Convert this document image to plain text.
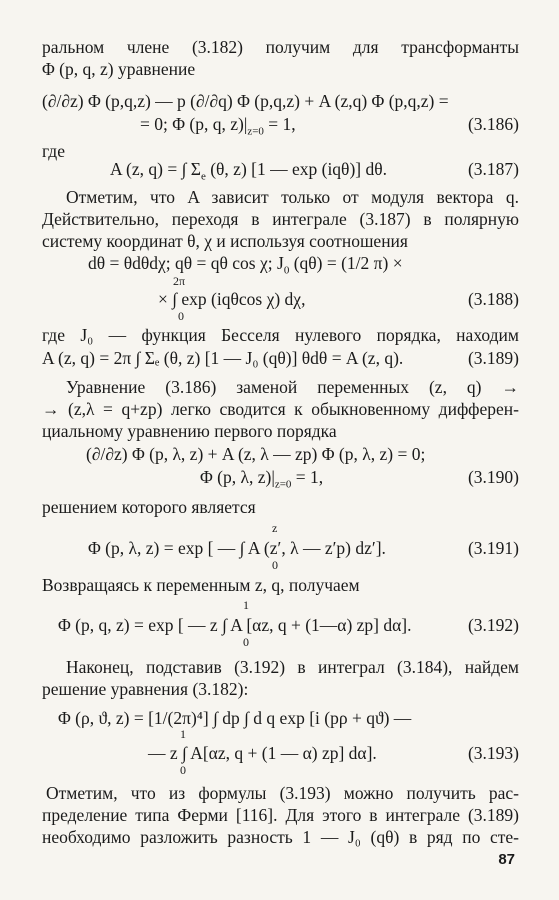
ральном члене (3.182) получим для трансформанты
Φ (p, q, z) уравнение
(∂/∂z) Φ (p,q,z) — p (∂/∂q) Φ (p,q,z) + A (z,q) Φ (p,q,z) =
= 0; Φ (p, q, $z)|_{z=0} = 1$,	(3.186)
где
A (z, q) = ∫ $\Sigma_e$ (θ, z) [1 — exp (iqθ)] dθ.	(3.187)
Отметим, что A зависит только от модуля вектора q.
Действительно, переходя в интеграле (3.187) в полярную
систему координат θ, χ и используя соотношения
dθ = θdθdχ; qθ = qθ cos χ; $J_0$ (qθ) = (1/2 π) ×
2π
× ∫ exp (iqθcos χ) dχ,
0
(3.188)
где J₀ — функция Бесселя нулевого порядка, находим
A (z, q) = 2π ∫ Σₑ (θ, z) [1 — J₀ (qθ)] θdθ = A (z, q).	(3.189)
Уравнение (3.186) заменой переменных (z, q) →
→ (z,λ = q+zp) легко сводится к обыкновенному дифферен-
циальному уравнению первого порядка
(∂/∂z) Φ (p, λ, z) + A (z, λ — zp) Φ (p, λ, z) = 0;
Φ (p, λ, $z)|_{z=0} = 1$,	(3.190)
решением которого является
z
Φ (p, λ, z) = exp [ — ∫ A (z′, λ — z′p) dz′].
0
(3.191)
Возвращаясь к переменным z, q, получаем
1
Φ (p, q, z) = exp [ — z ∫ A [αz, q + (1—α) zp] dα].
0
(3.192)
Наконец, подставив (3.192) в интеграл (3.184), найдем
решение уравнения (3.182):
Φ (ρ, ϑ, z) = [1/(2π)⁴] ∫ dp ∫ d q exp [i (pρ + qϑ) —
1
— z ∫ A[αz, q + (1 — α) zp] dα].
0
(3.193)
Отметим, что из формулы (3.193) можно получить рас-
пределение типа Ферми [116]. Для этого в интеграле (3.189)
необходимо разложить разность 1 — J₀ (qθ) в ряд по сте-
87
